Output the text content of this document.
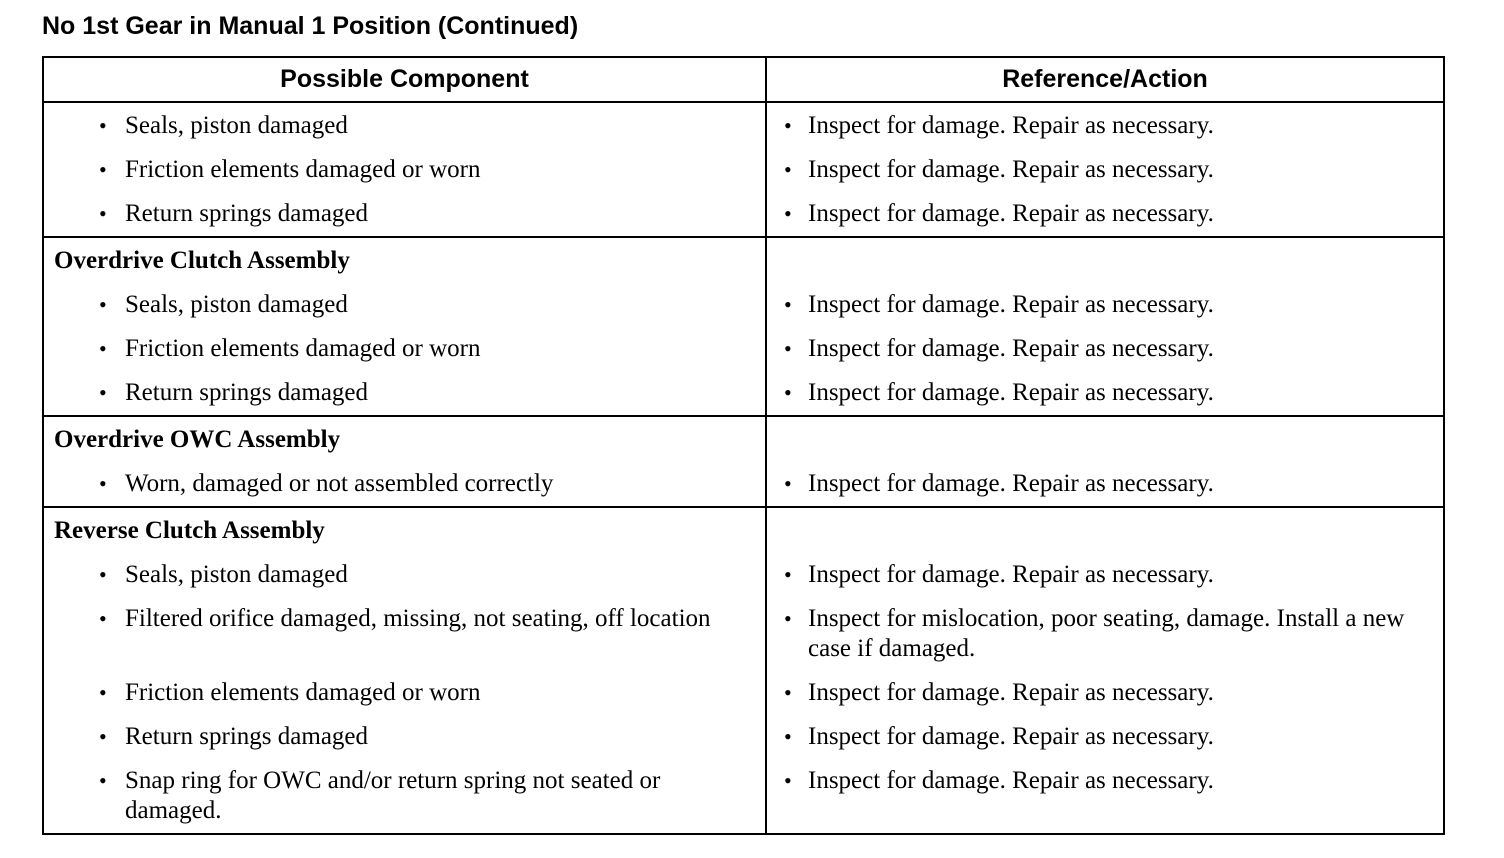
No 1st Gear in Manual 1 Position (Continued)
Possible Component	Reference/Action

• Seals, piston damaged	• Inspect for damage. Repair as necessary.

• Friction elements damaged or worn	• Inspect for damage. Repair as necessary.

• Return springs damaged	• Inspect for damage. Repair as necessary.

Overdrive Clutch Assembly	

• Seals, piston damaged	• Inspect for damage. Repair as necessary.

• Friction elements damaged or worn	• Inspect for damage. Repair as necessary.

• Return springs damaged	• Inspect for damage. Repair as necessary.

Overdrive OWC Assembly	

• Worn, damaged or not assembled correctly	• Inspect for damage. Repair as necessary.

Reverse Clutch Assembly	

• Seals, piston damaged	• Inspect for damage. Repair as necessary.

• Filtered orifice damaged, missing, not seating, off location	• Inspect for mislocation, poor seating, damage. Install a new case if damaged.

• Friction elements damaged or worn	• Inspect for damage. Repair as necessary.

• Return springs damaged	• Inspect for damage. Repair as necessary.

• Snap ring for OWC and/or return spring not seated or damaged.	• Inspect for damage. Repair as necessary.
